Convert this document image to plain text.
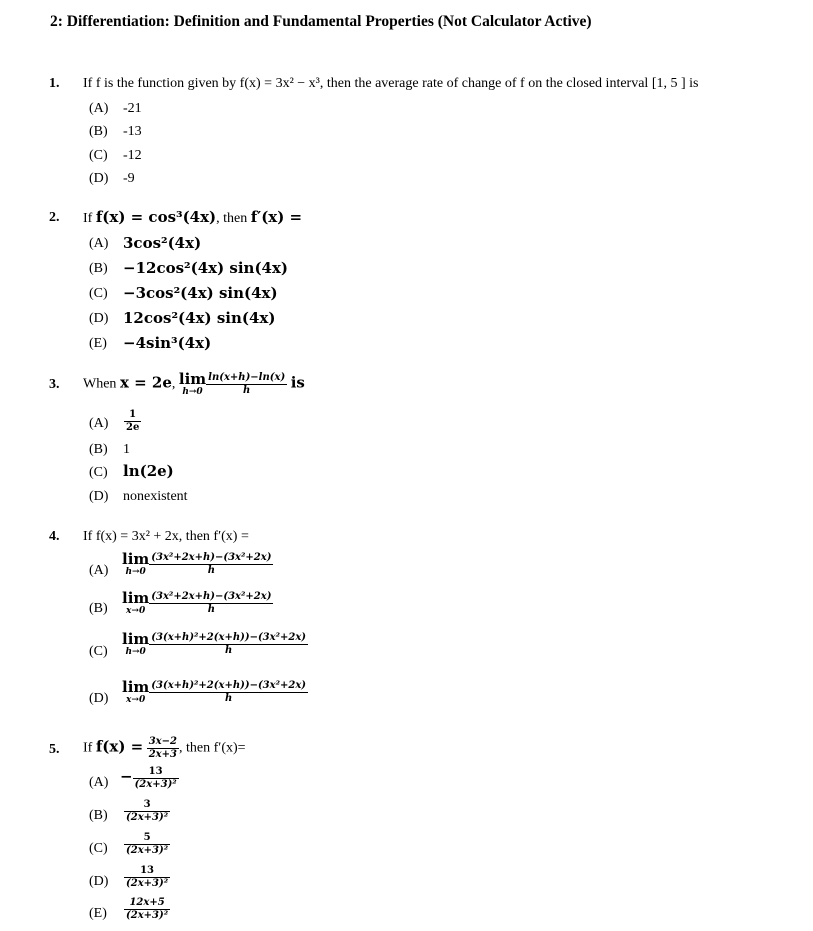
2: Differentiation: Definition and Fundamental Properties (Not Calculator Active)
1. If f is the function given by f(x) = 3x² − x³, then the average rate of change of f on the closed interval [1, 5 ] is
(A) -21
(B) -13
(C) -12
(D) -9
2. If f(x) = cos³(4x), then f′(x) =
(A) 3cos²(4x)
(B) −12cos²(4x) sin(4x)
(C) −3cos²(4x) sin(4x)
(D) 12cos²(4x) sin(4x)
(E) −4sin³(4x)
3. When x = 2e, lim
$h\to 0 \frac{\ln(x+h)-\ln(x)}{h}$ is
$(A) \frac{1}{2e}$
(B) 1
(C) ln(2e)
(D) nonexistent
4. If f(x) = 3x² + 2x, then f′(x) =
(A)
lim
$h\to 0 \frac{\text{(3x²+2x+h)−(3x²+2x)}}{h}$
(B)
lim
$x\to 0 \frac{\text{(3x²+2x+h)−(3x²+2x)}}{h}$
(C)
lim
$h\to 0 \frac{\text{(3(x+h)²+2(x+h))−(3x²+2x)}}{h}$
(D)
lim
$x\to 0 \frac{\text{(3(x+h)²+2(x+h))−(3x²+2x)}}{h}$
5. If $f(x) = \frac{3x-2}{2x+3}$ , then f′(x)=
$(A) - \frac{13}{\text{(2x+3)²}}$
$(B) \frac{3}{\text{(2x+3)²}}$
$(C) \frac{5}{\text{(2x+3)²}}$
$(D) \frac{13}{\text{(2x+3)²}}$
$(E) \frac{12x+5}{\text{(2x+3)²}}$
